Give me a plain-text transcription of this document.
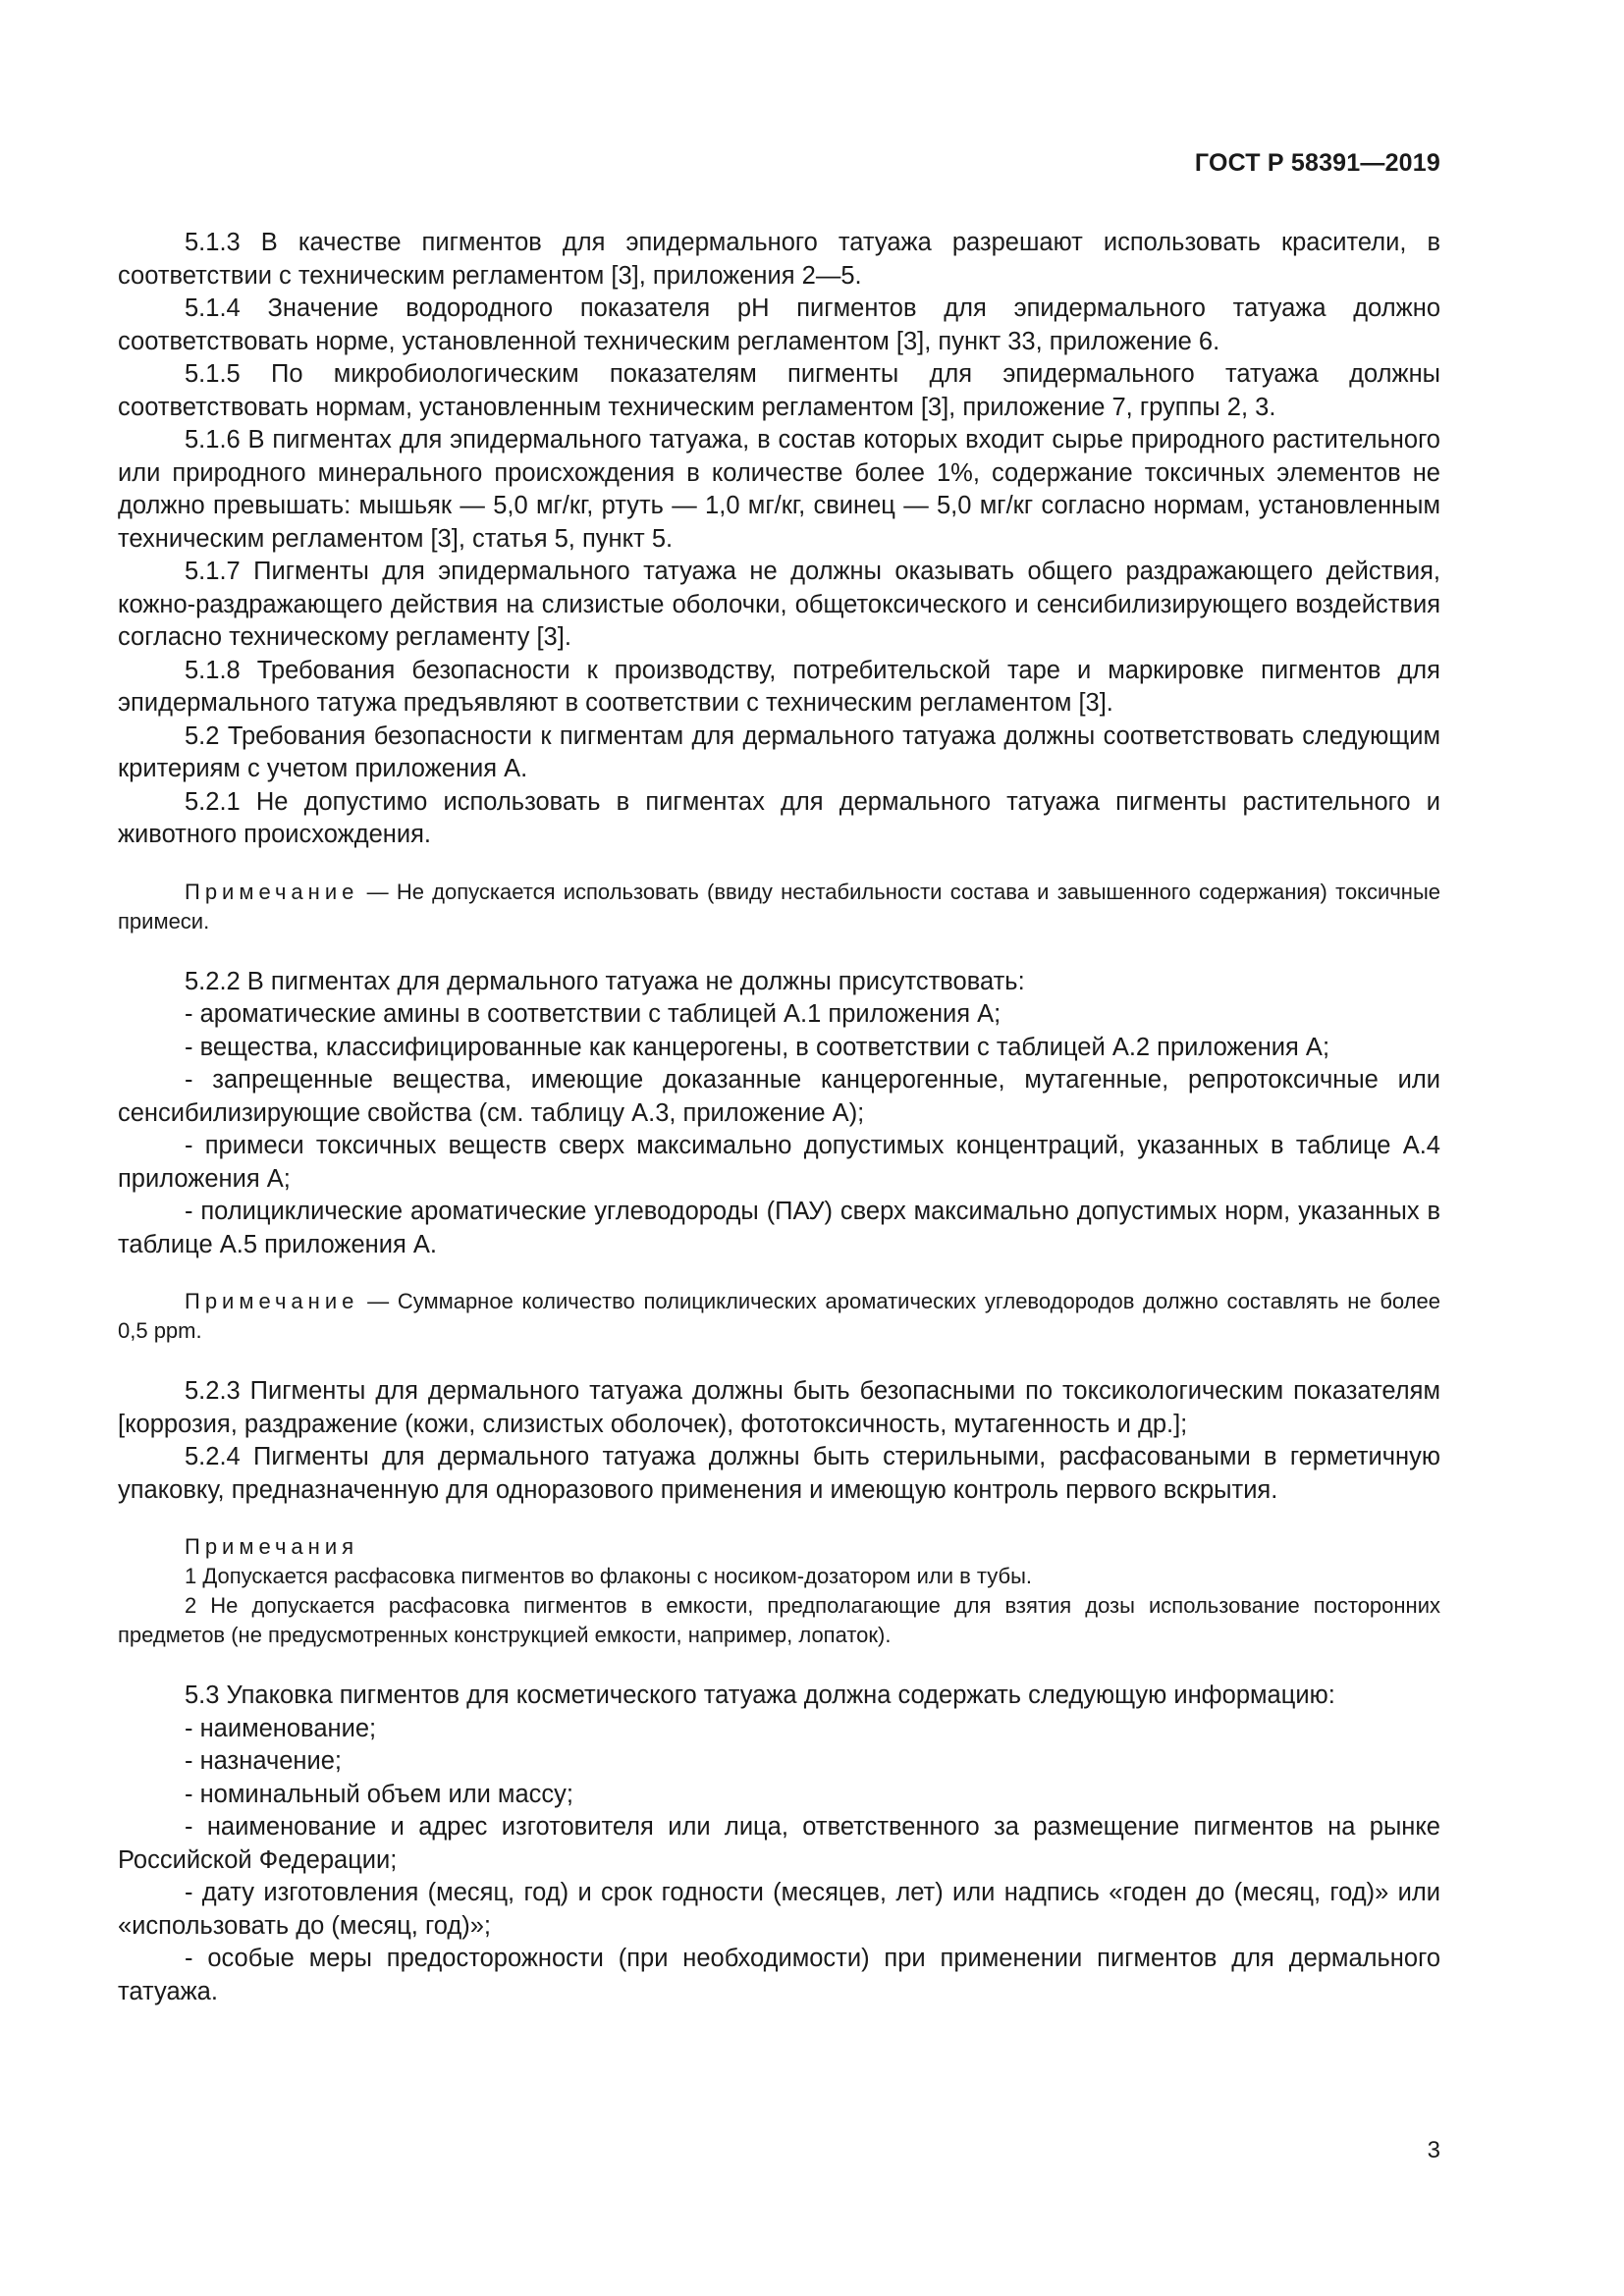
ГОСТ Р 58391—2019

5.1.3 В качестве пигментов для эпидермального татуажа разрешают использовать красители, в соответствии с техническим регламентом [3], приложения 2—5.

5.1.4 Значение водородного показателя рН пигментов для эпидермального татуажа должно соответствовать норме, установленной техническим регламентом [3], пункт 33, приложение 6.

5.1.5 По микробиологическим показателям пигменты для эпидермального татуажа должны соответствовать нормам, установленным техническим регламентом [3], приложение 7, группы 2, 3.

5.1.6 В пигментах для эпидермального татуажа, в состав которых входит сырье природного растительного или природного минерального происхождения в количестве более 1%, содержание токсичных элементов не должно превышать: мышьяк — 5,0 мг/кг, ртуть — 1,0 мг/кг, свинец — 5,0 мг/кг согласно нормам, установленным техническим регламентом [3], статья 5, пункт 5.

5.1.7 Пигменты для эпидермального татуажа не должны оказывать общего раздражающего действия, кожно-раздражающего действия на слизистые оболочки, общетоксического и сенсибилизирующего воздействия согласно техническому регламенту [3].

5.1.8 Требования безопасности к производству, потребительской таре и маркировке пигментов для эпидермального татужа предъявляют в соответствии с техническим регламентом [3].

5.2 Требования безопасности к пигментам для дермального татуажа должны соответствовать следующим критериям с учетом приложения А.

5.2.1 Не допустимо использовать в пигментах для дермального татуажа пигменты растительного и животного происхождения.

Примечание — Не допускается использовать (ввиду нестабильности состава и завышенного содержания) токсичные примеси.

5.2.2 В пигментах для дермального татуажа не должны присутствовать:

- ароматические амины в соответствии с таблицей А.1 приложения А;

- вещества, классифицированные как канцерогены, в соответствии с таблицей А.2 приложения А;

- запрещенные вещества, имеющие доказанные канцерогенные, мутагенные, репротоксичные или сенсибилизирующие свойства (см. таблицу А.3, приложение А);

- примеси токсичных веществ сверх максимально допустимых концентраций, указанных в таблице А.4 приложения А;

- полициклические ароматические углеводороды (ПАУ) сверх максимально допустимых норм, указанных в таблице А.5 приложения А.

Примечание — Суммарное количество полициклических ароматических углеводородов должно составлять не более 0,5 ppm.

5.2.3 Пигменты для дермального татуажа должны быть безопасными по токсикологическим показателям [коррозия, раздражение (кожи, слизистых оболочек), фототоксичность, мутагенность и др.];

5.2.4 Пигменты для дермального татуажа должны быть стерильными, расфасоваными в герметичную упаковку, предназначенную для одноразового применения и имеющую контроль первого вскрытия.

Примечания

1 Допускается расфасовка пигментов во флаконы с носиком-дозатором или в тубы.

2 Не допускается расфасовка пигментов в емкости, предполагающие для взятия дозы использование посторонних предметов (не предусмотренных конструкцией емкости, например, лопаток).

5.3 Упаковка пигментов для косметического татуажа должна содержать следующую информацию:

- наименование;

- назначение;

- номинальный объем или массу;

- наименование и адрес изготовителя или лица, ответственного за размещение пигментов на рынке Российской Федерации;

- дату изготовления (месяц, год) и срок годности (месяцев, лет) или надпись «годен до (месяц, год)» или «использовать до (месяц, год)»;

- особые меры предосторожности (при необходимости) при применении пигментов для дермального татуажа.

3
